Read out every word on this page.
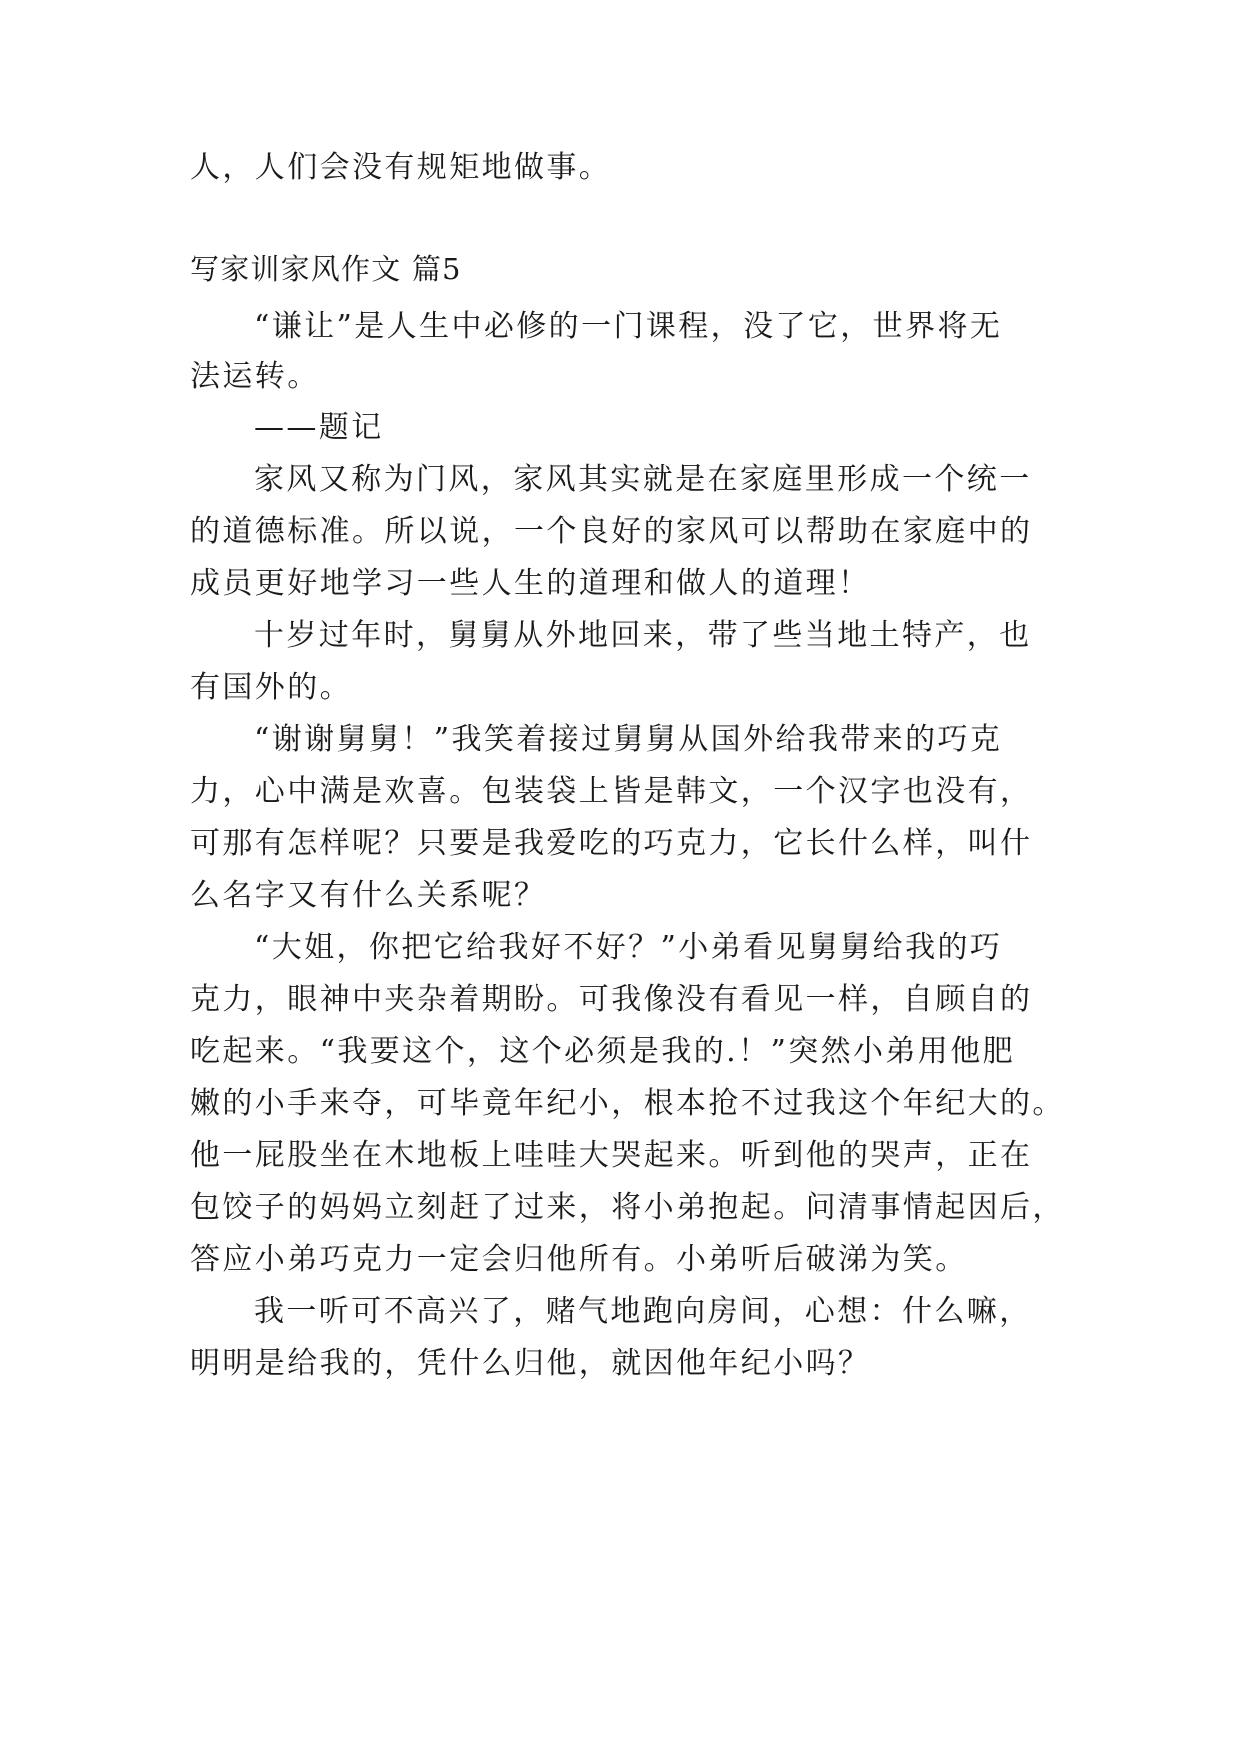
人，人们会没有规矩地做事。
写家训家风作文 篇5
“谦让”是人生中必修的一门课程，没了它，世界将无
法运转。
——题记
家风又称为门风，家风其实就是在家庭里形成一个统一
的道德标准。所以说，一个良好的家风可以帮助在家庭中的
成员更好地学习一些人生的道理和做人的道理！
十岁过年时，舅舅从外地回来，带了些当地土特产，也
有国外的。
“谢谢舅舅！”我笑着接过舅舅从国外给我带来的巧克
力，心中满是欢喜。包装袋上皆是韩文，一个汉字也没有，
可那有怎样呢？只要是我爱吃的巧克力，它长什么样，叫什
么名字又有什么关系呢？
“大姐，你把它给我好不好？”小弟看见舅舅给我的巧
克力，眼神中夹杂着期盼。可我像没有看见一样，自顾自的
吃起来。“我要这个，这个必须是我的.！”突然小弟用他肥
嫩的小手来夺，可毕竟年纪小，根本抢不过我这个年纪大的。
他一屁股坐在木地板上哇哇大哭起来。听到他的哭声，正在
包饺子的妈妈立刻赶了过来，将小弟抱起。问清事情起因后，
答应小弟巧克力一定会归他所有。小弟听后破涕为笑。
我一听可不高兴了，赌气地跑向房间，心想：什么嘛，
明明是给我的，凭什么归他，就因他年纪小吗？
